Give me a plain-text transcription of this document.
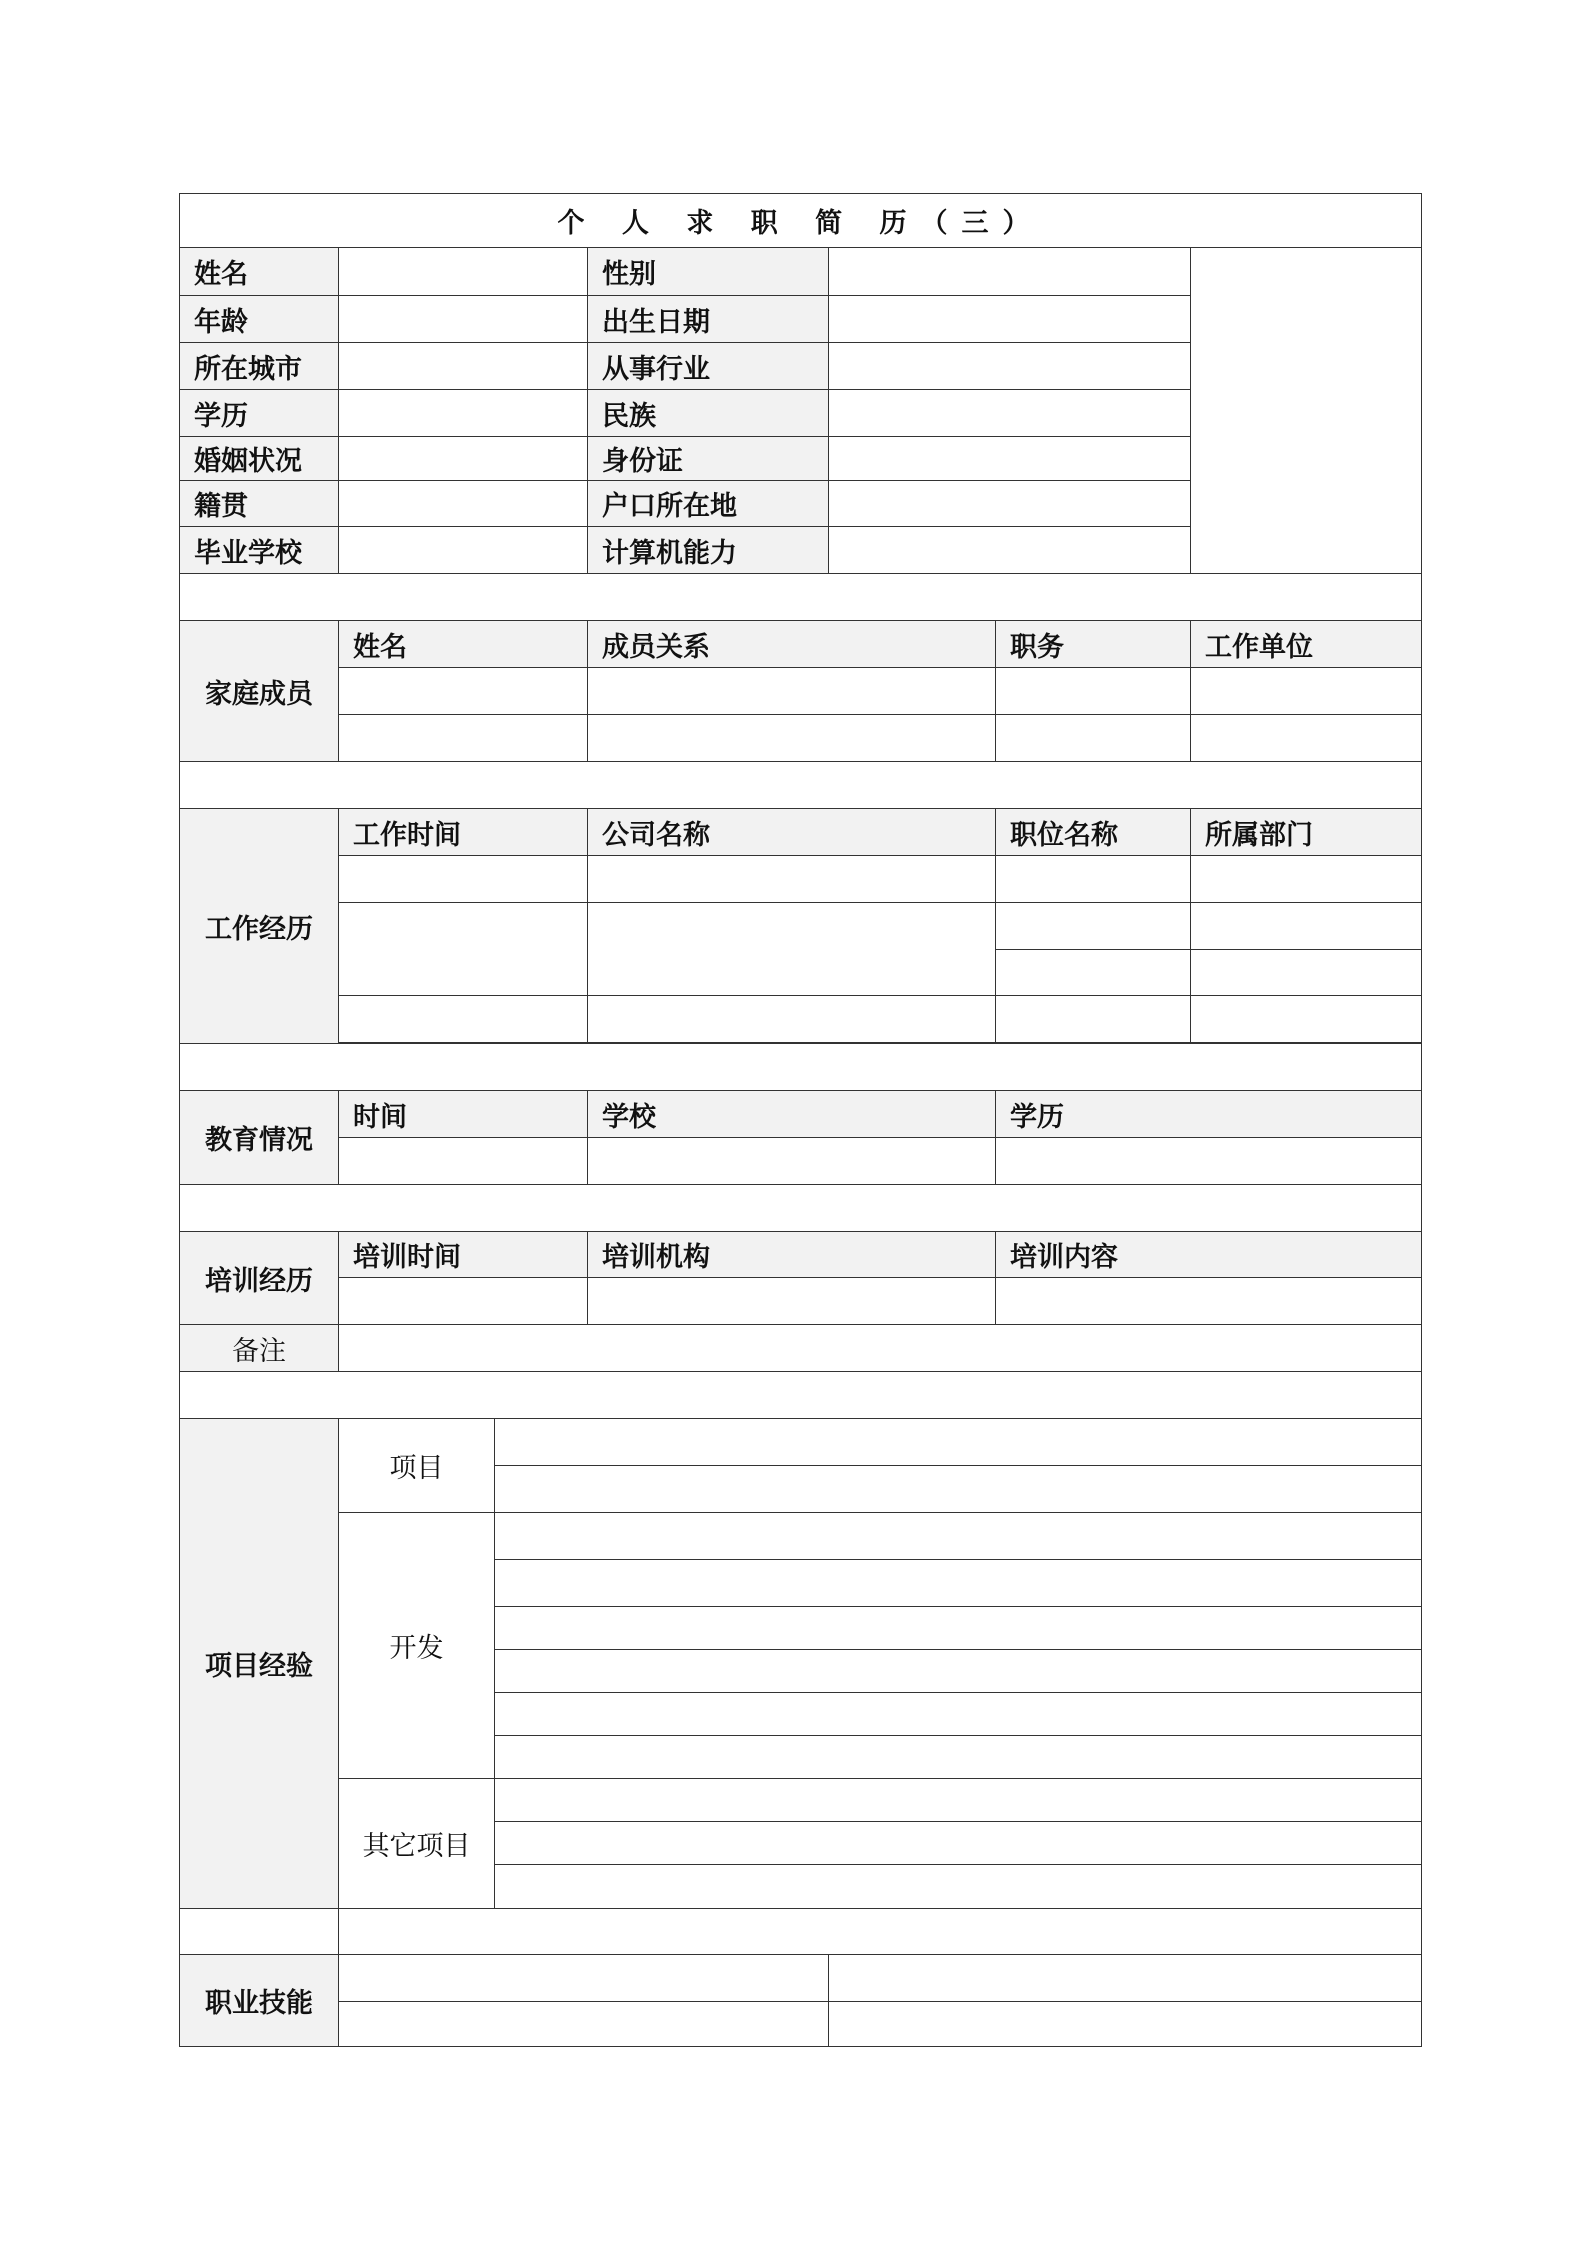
个 人 求 职 简 历（三）						
姓名			性别			
年龄			出生日期			
所在城市			从事行业			
学历			民族			
婚姻状况			身份证			
籍贯			户口所在地			
毕业学校			计算机能力			

家庭成员	姓名		成员关系		职务	工作单位

工作经历	工作时间		公司名称		职位名称	所属部门

教育情况	时间		学校		学历	

培训经历	培训时间		培训机构		培训内容	

备注						

项目经验	项目					

	开发					

	其它项目					

职业技能						
